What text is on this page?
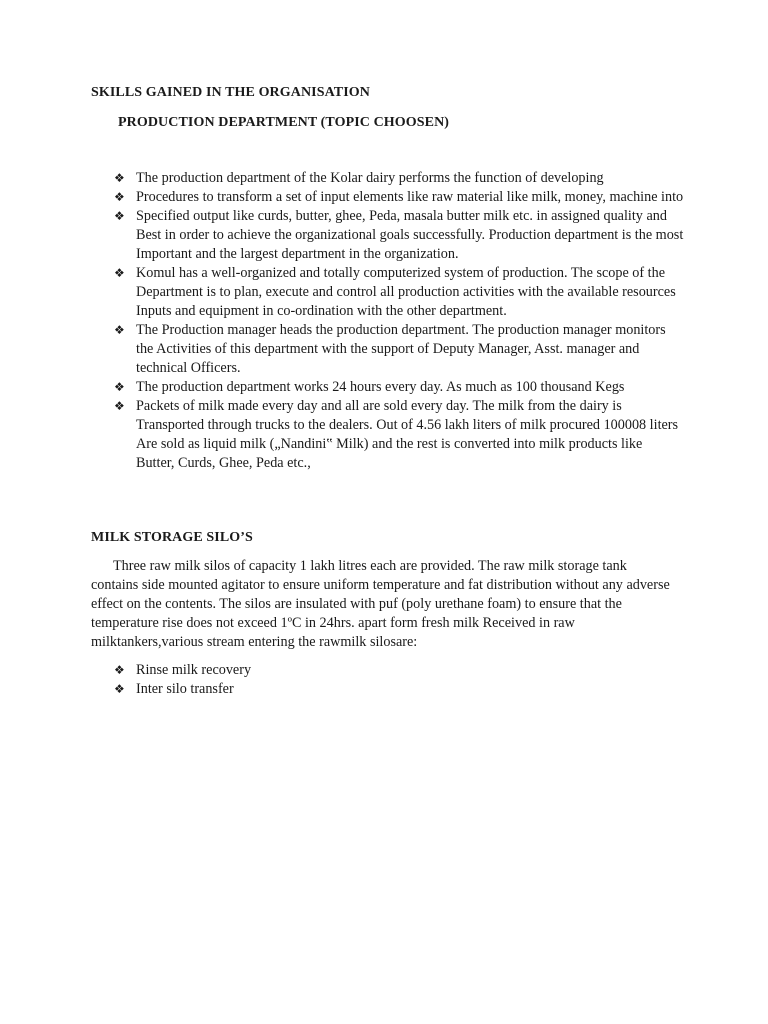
SKILLS GAINED IN THE ORGANISATION
PRODUCTION DEPARTMENT (TOPIC CHOOSEN)
❖ The production department of the Kolar dairy performs the function of developing
❖ Procedures to transform a set of input elements like raw material like milk, money, machine into
❖ Specified output like curds, butter, ghee, Peda, masala butter milk etc. in assigned quality and Best in order to achieve the organizational goals successfully. Production department is the most Important and the largest department in the organization.
❖ Komul has a well-organized and totally computerized system of production. The scope of the Department is to plan, execute and control all production activities with the available resources Inputs and equipment in co-ordination with the other department.
❖ The Production manager heads the production department. The production manager monitors the Activities of this department with the support of Deputy Manager, Asst. manager and technical Officers.
❖ The production department works 24 hours every day. As much as 100 thousand Kegs
❖ Packets of milk made every day and all are sold every day. The milk from the dairy is Transported through trucks to the dealers. Out of 4.56 lakh liters of milk procured 100008 liters Are sold as liquid milk („Nandini‟ Milk) and the rest is converted into milk products like Butter, Curds, Ghee, Peda etc.,
MILK STORAGE SILO’S

Three raw milk silos of capacity 1 lakh litres each are provided. The raw milk storage tank contains side mounted agitator to ensure uniform temperature and fat distribution without any adverse effect on the contents. The silos are insulated with puf (poly urethane foam) to ensure that the temperature rise does not exceed 1ºC in 24hrs. apart form fresh milk Received in raw milktankers,various stream entering the rawmilk silosare:

❖ Rinse milk recovery
❖ Inter silo transfer
